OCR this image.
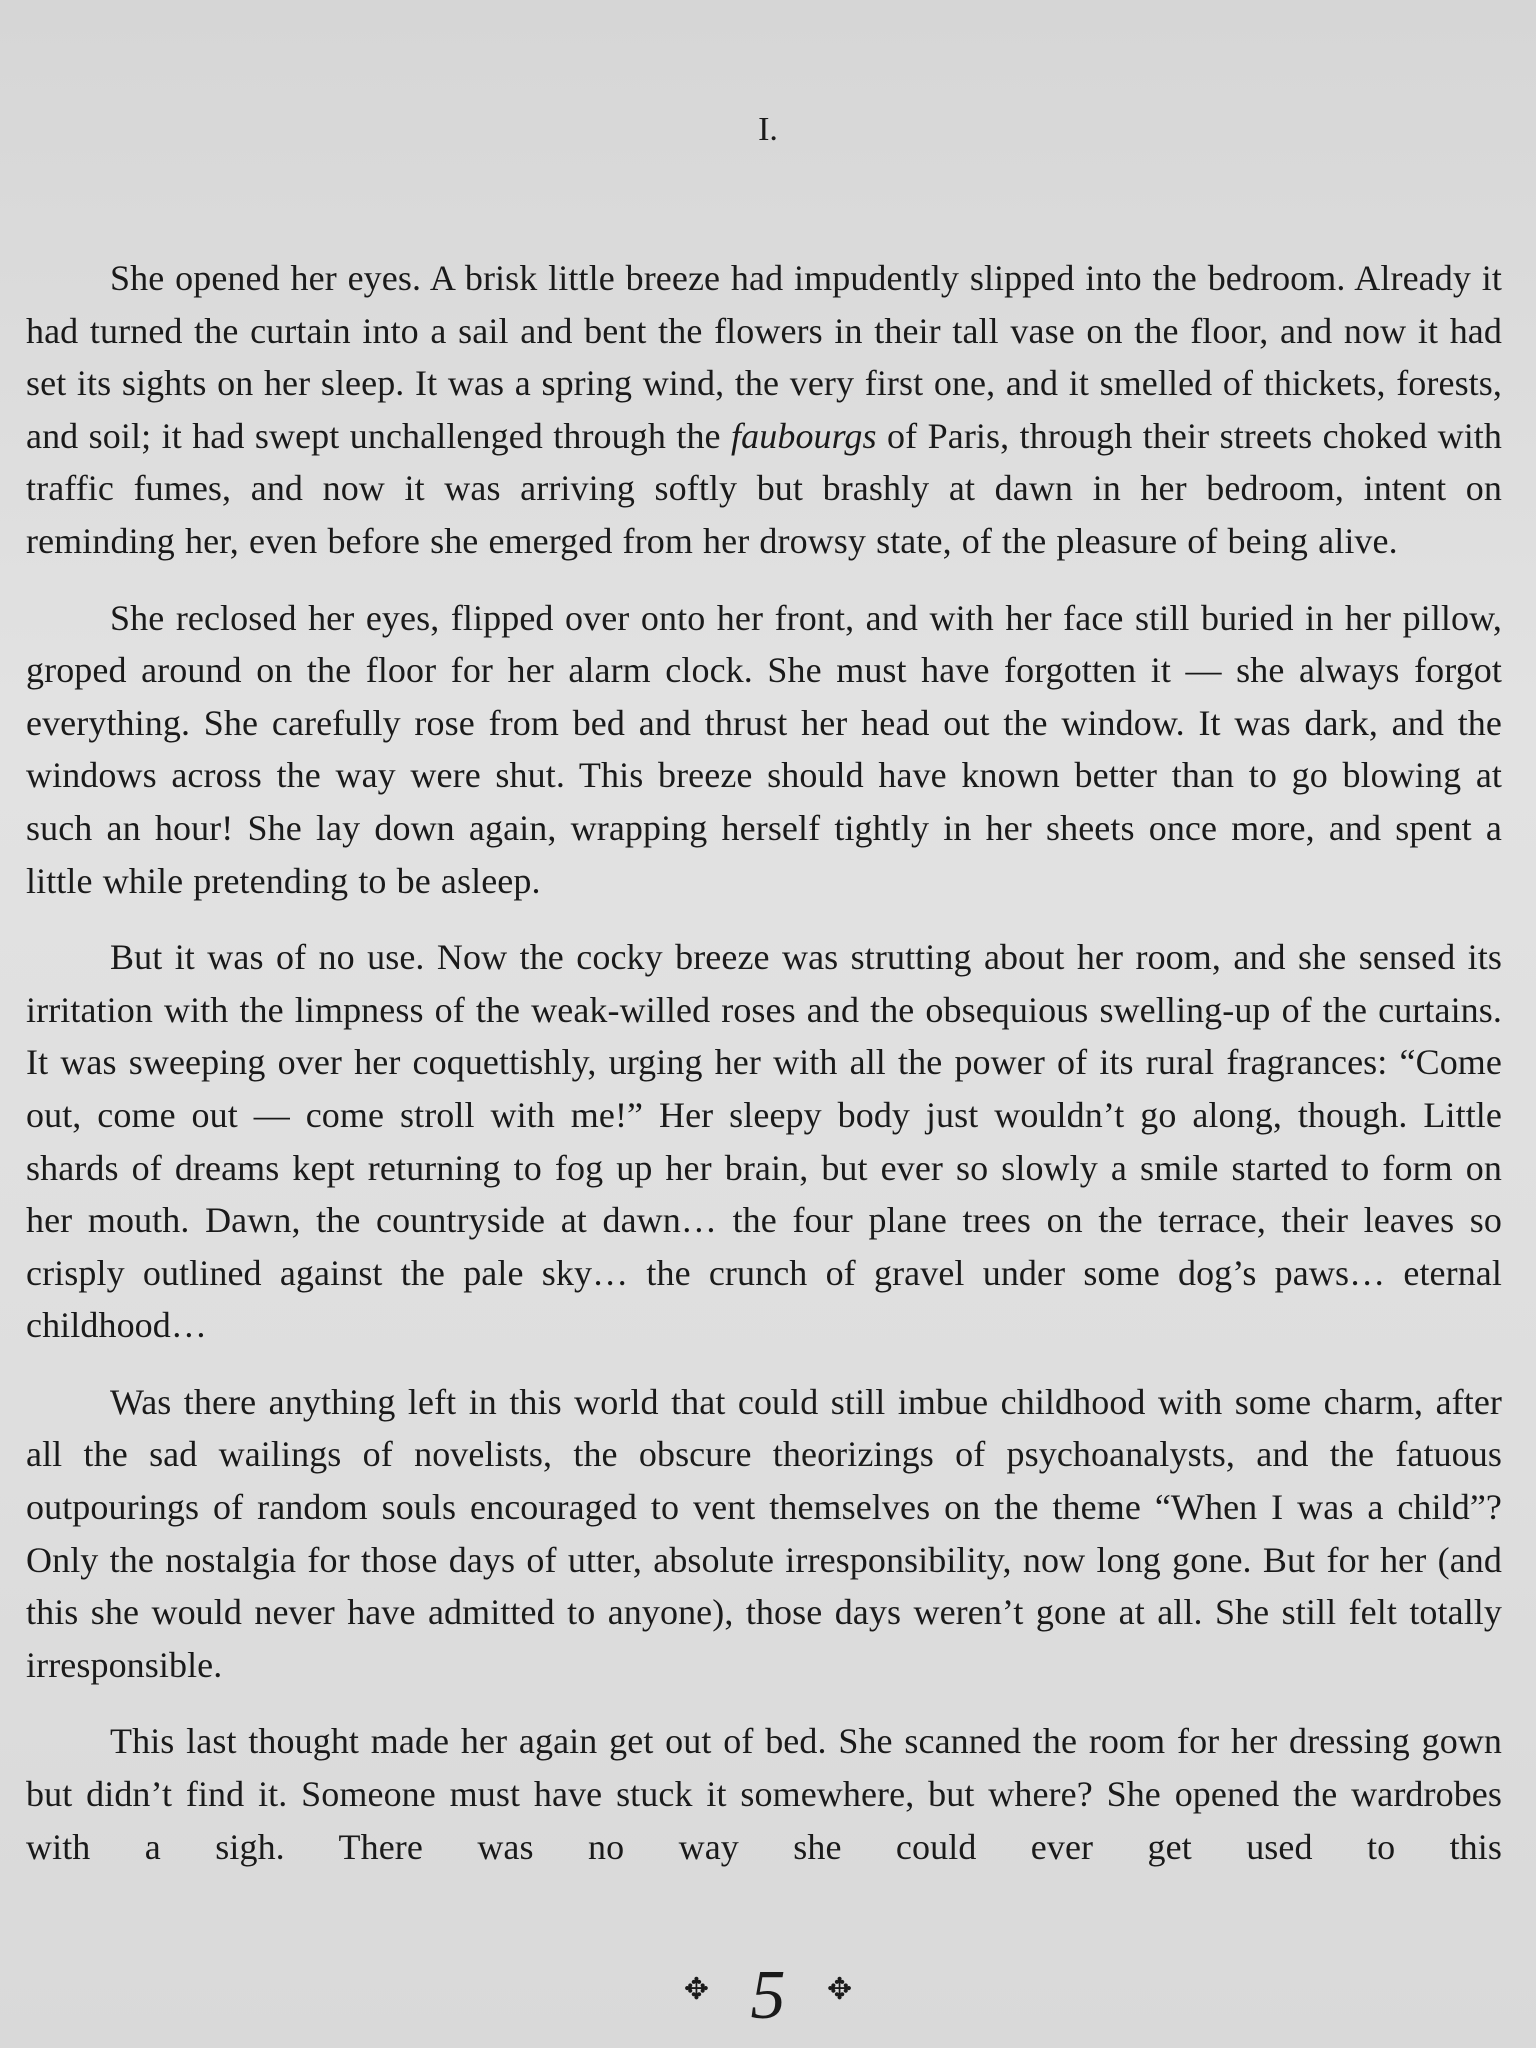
I.

She opened her eyes. A brisk little breeze had impudently slipped into the bedroom. Already it had turned the curtain into a sail and bent the flowers in their tall vase on the floor, and now it had set its sights on her sleep. It was a spring wind, the very first one, and it smelled of thickets, forests, and soil; it had swept unchallenged through the faubourgs of Paris, through their streets choked with traffic fumes, and now it was arriving softly but brashly at dawn in her bedroom, intent on reminding her, even before she emerged from her drowsy state, of the pleasure of being alive.

She reclosed her eyes, flipped over onto her front, and with her face still buried in her pillow, groped around on the floor for her alarm clock. She must have forgotten it — she always forgot everything. She carefully rose from bed and thrust her head out the window. It was dark, and the windows across the way were shut. This breeze should have known better than to go blowing at such an hour! She lay down again, wrapping herself tightly in her sheets once more, and spent a little while pretending to be asleep.

But it was of no use. Now the cocky breeze was strutting about her room, and she sensed its irritation with the limpness of the weak-willed roses and the obsequious swelling-up of the curtains. It was sweeping over her coquettishly, urging her with all the power of its rural fragrances: “Come out, come out — come stroll with me!” Her sleepy body just wouldn’t go along, though. Little shards of dreams kept returning to fog up her brain, but ever so slowly a smile started to form on her mouth. Dawn, the countryside at dawn… the four plane trees on the terrace, their leaves so crisply outlined against the pale sky… the crunch of gravel under some dog’s paws… eternal childhood…

Was there anything left in this world that could still imbue childhood with some charm, after all the sad wailings of novelists, the obscure theorizings of psychoanalysts, and the fatuous outpourings of random souls encouraged to vent themselves on the theme “When I was a child”? Only the nostalgia for those days of utter, absolute irresponsibility, now long gone. But for her (and this she would never have admitted to anyone), those days weren’t gone at all. She still felt totally irresponsible.

This last thought made her again get out of bed. She scanned the room for her dressing gown but didn’t find it. Someone must have stuck it somewhere, but where? She opened the wardrobes with a sigh. There was no way she could ever get used to this

✥ 5 ✥
